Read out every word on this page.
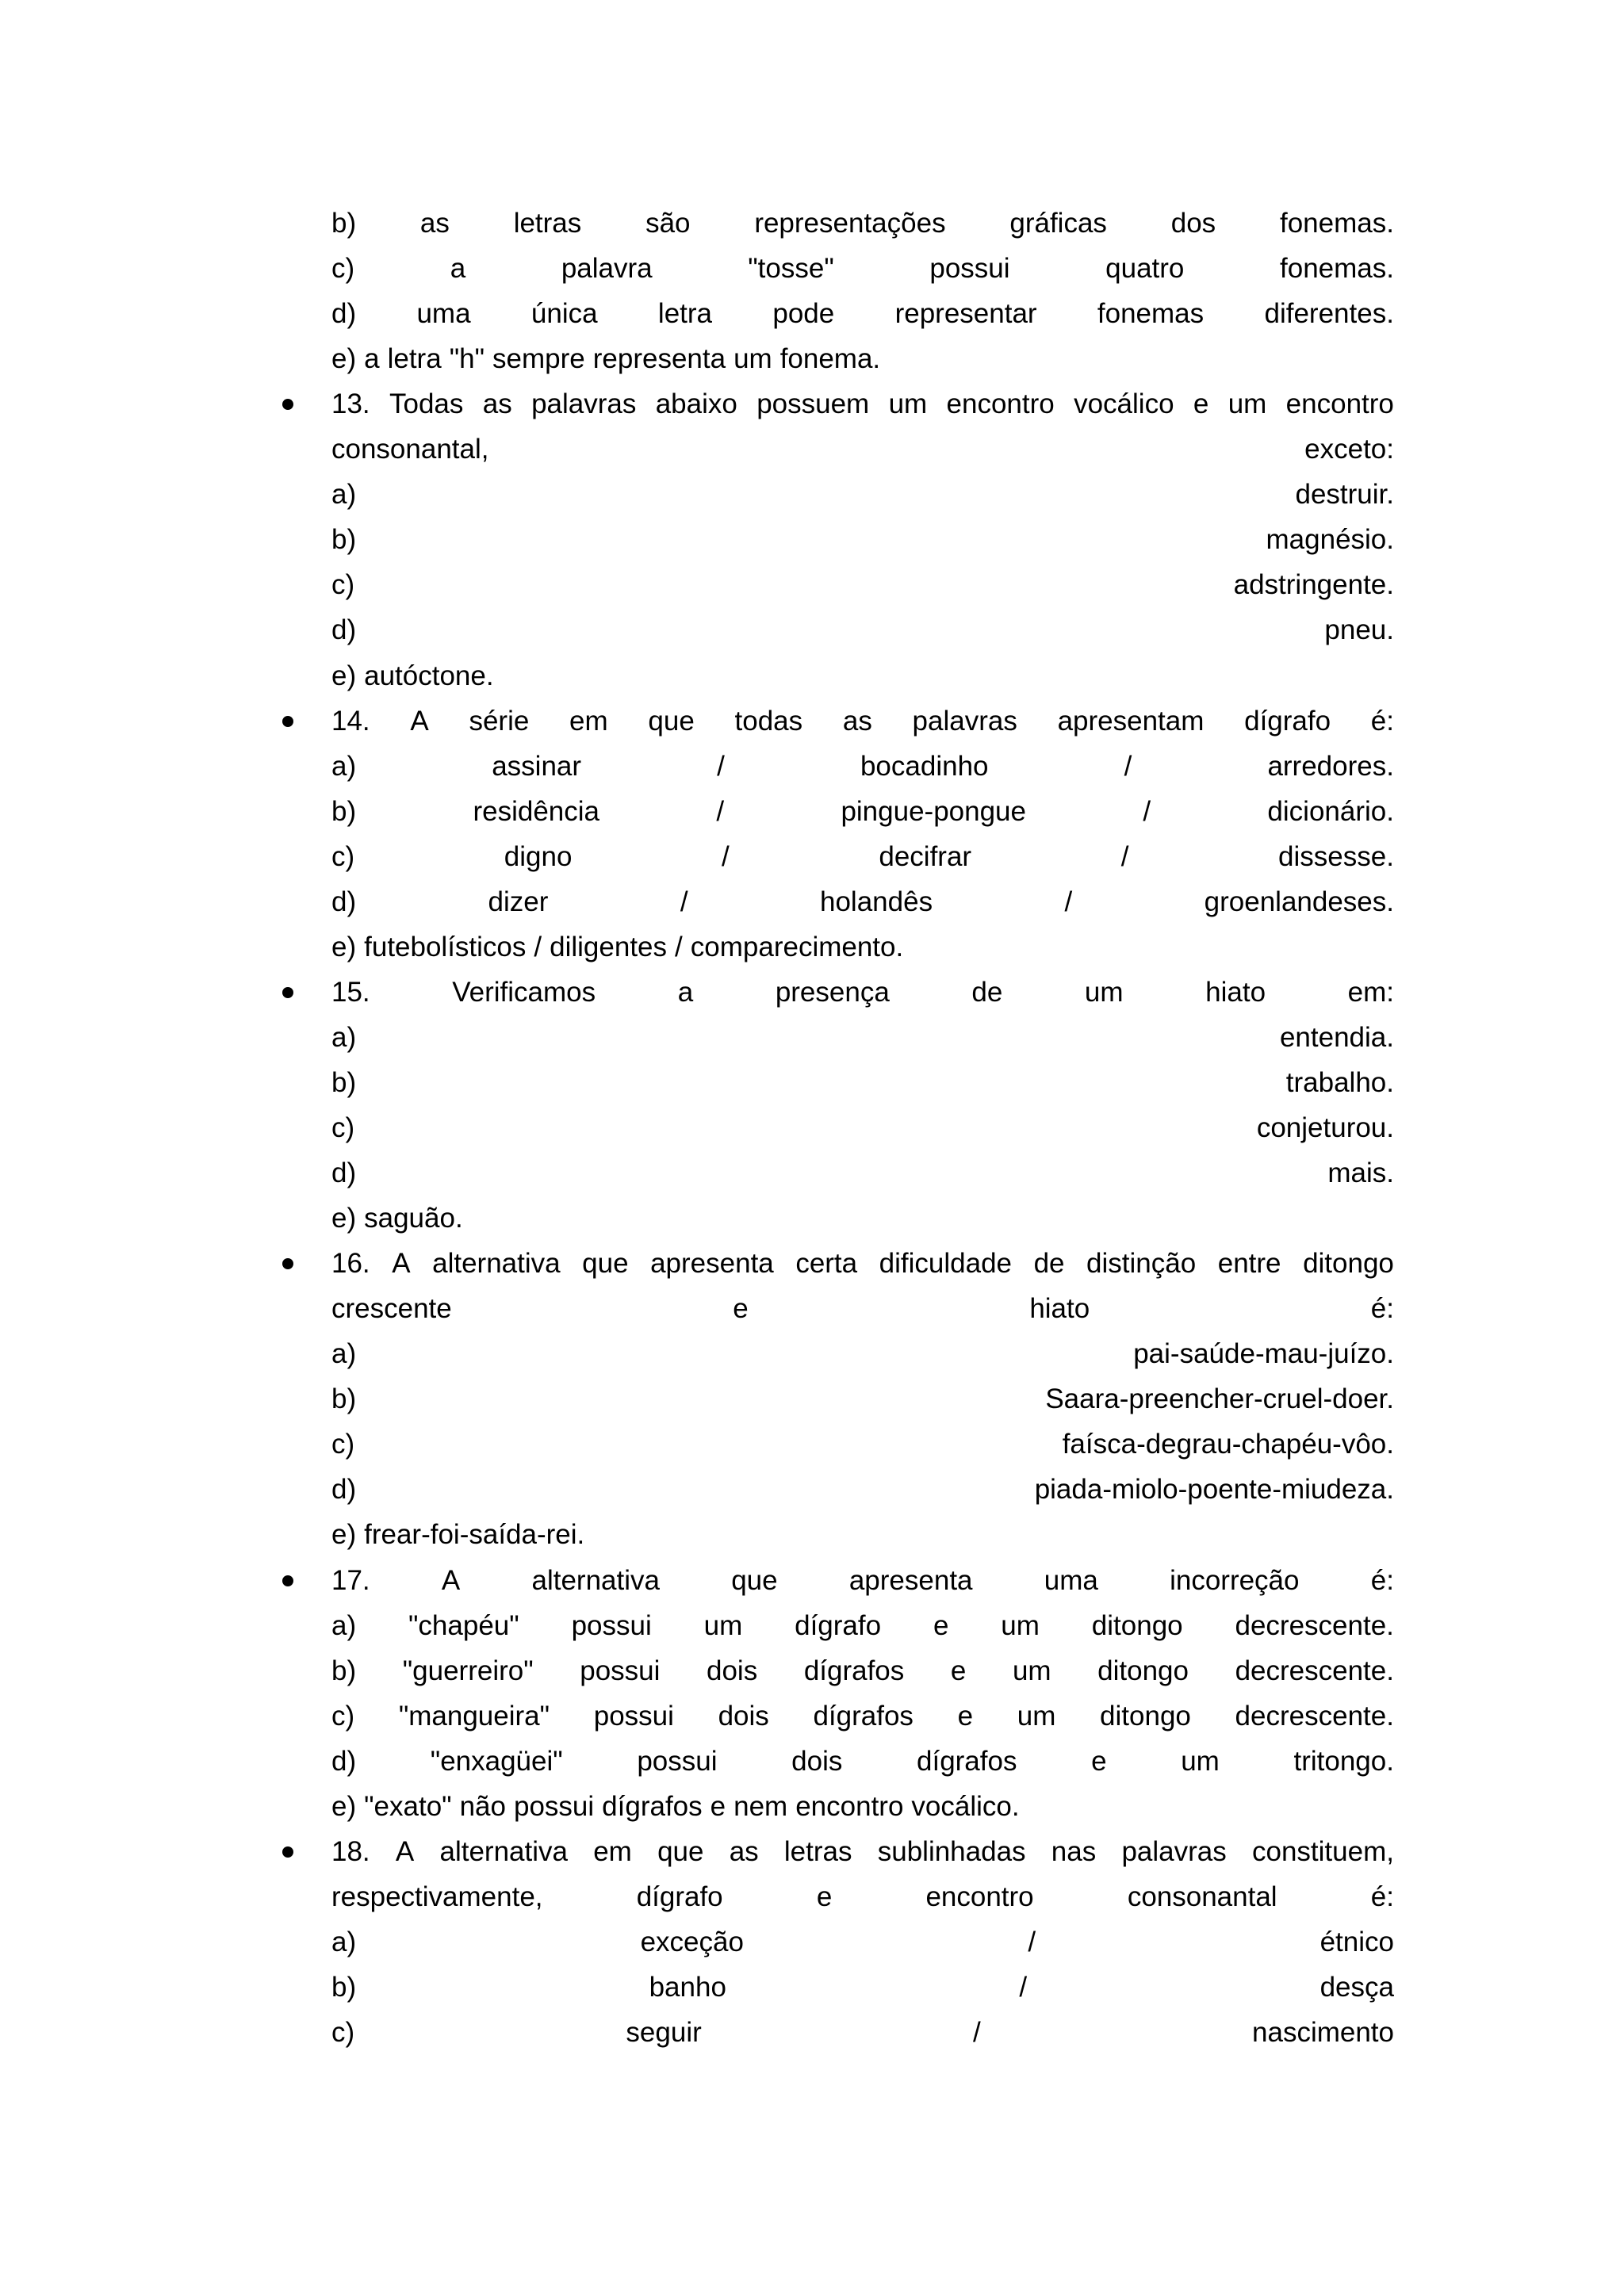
b) as letras são representações gráficas dos fonemas.
c)	a	palavra	"tosse"	possui	quatro	fonemas.
d) uma única letra pode representar fonemas diferentes.
e) a letra "h" sempre representa um fonema.
13. Todas as palavras abaixo possuem um encontro vocálico e um encontro
consonantal,	exceto:
a)	destruir.
b)	magnésio.
c)	adstringente.
d)	pneu.
e) autóctone.
14. A série em que todas as palavras apresentam dígrafo é:
a)	assinar	/	bocadinho	/	arredores.
b)	residência	/	pingue-pongue	/	dicionário.
c)	digno	/	decifrar	/	dissesse.
d)	dizer	/	holandês	/	groenlandeses.
e) futebolísticos / diligentes / comparecimento.
15.	Verificamos	a	presença	de	um	hiato	em:
a)	entendia.
b)	trabalho.
c)	conjeturou.
d)	mais.
e) saguão.
16. A alternativa que apresenta certa dificuldade de distinção entre ditongo
crescente	e	hiato	é:
a)	pai-saúde-mau-juízo.
b)	Saara-preencher-cruel-doer.
c)	faísca-degrau-chapéu-vôo.
d)	piada-miolo-poente-miudeza.
e) frear-foi-saída-rei.
17.	A	alternativa	que	apresenta	uma	incorreção	é:
a) "chapéu" possui um dígrafo e um ditongo decrescente.
b) "guerreiro" possui dois dígrafos e um ditongo decrescente.
c) "mangueira" possui dois dígrafos e um ditongo decrescente.
d)	"enxagüei"	possui	dois	dígrafos	e	um	tritongo.
e) "exato" não possui dígrafos e nem encontro vocálico.
18. A alternativa em que as letras sublinhadas nas palavras constituem,
respectivamente,	dígrafo	e	encontro	consonantal	é:
a)	exceção	/	étnico
b)	banho	/	desça
c)	seguir	/	nascimento
